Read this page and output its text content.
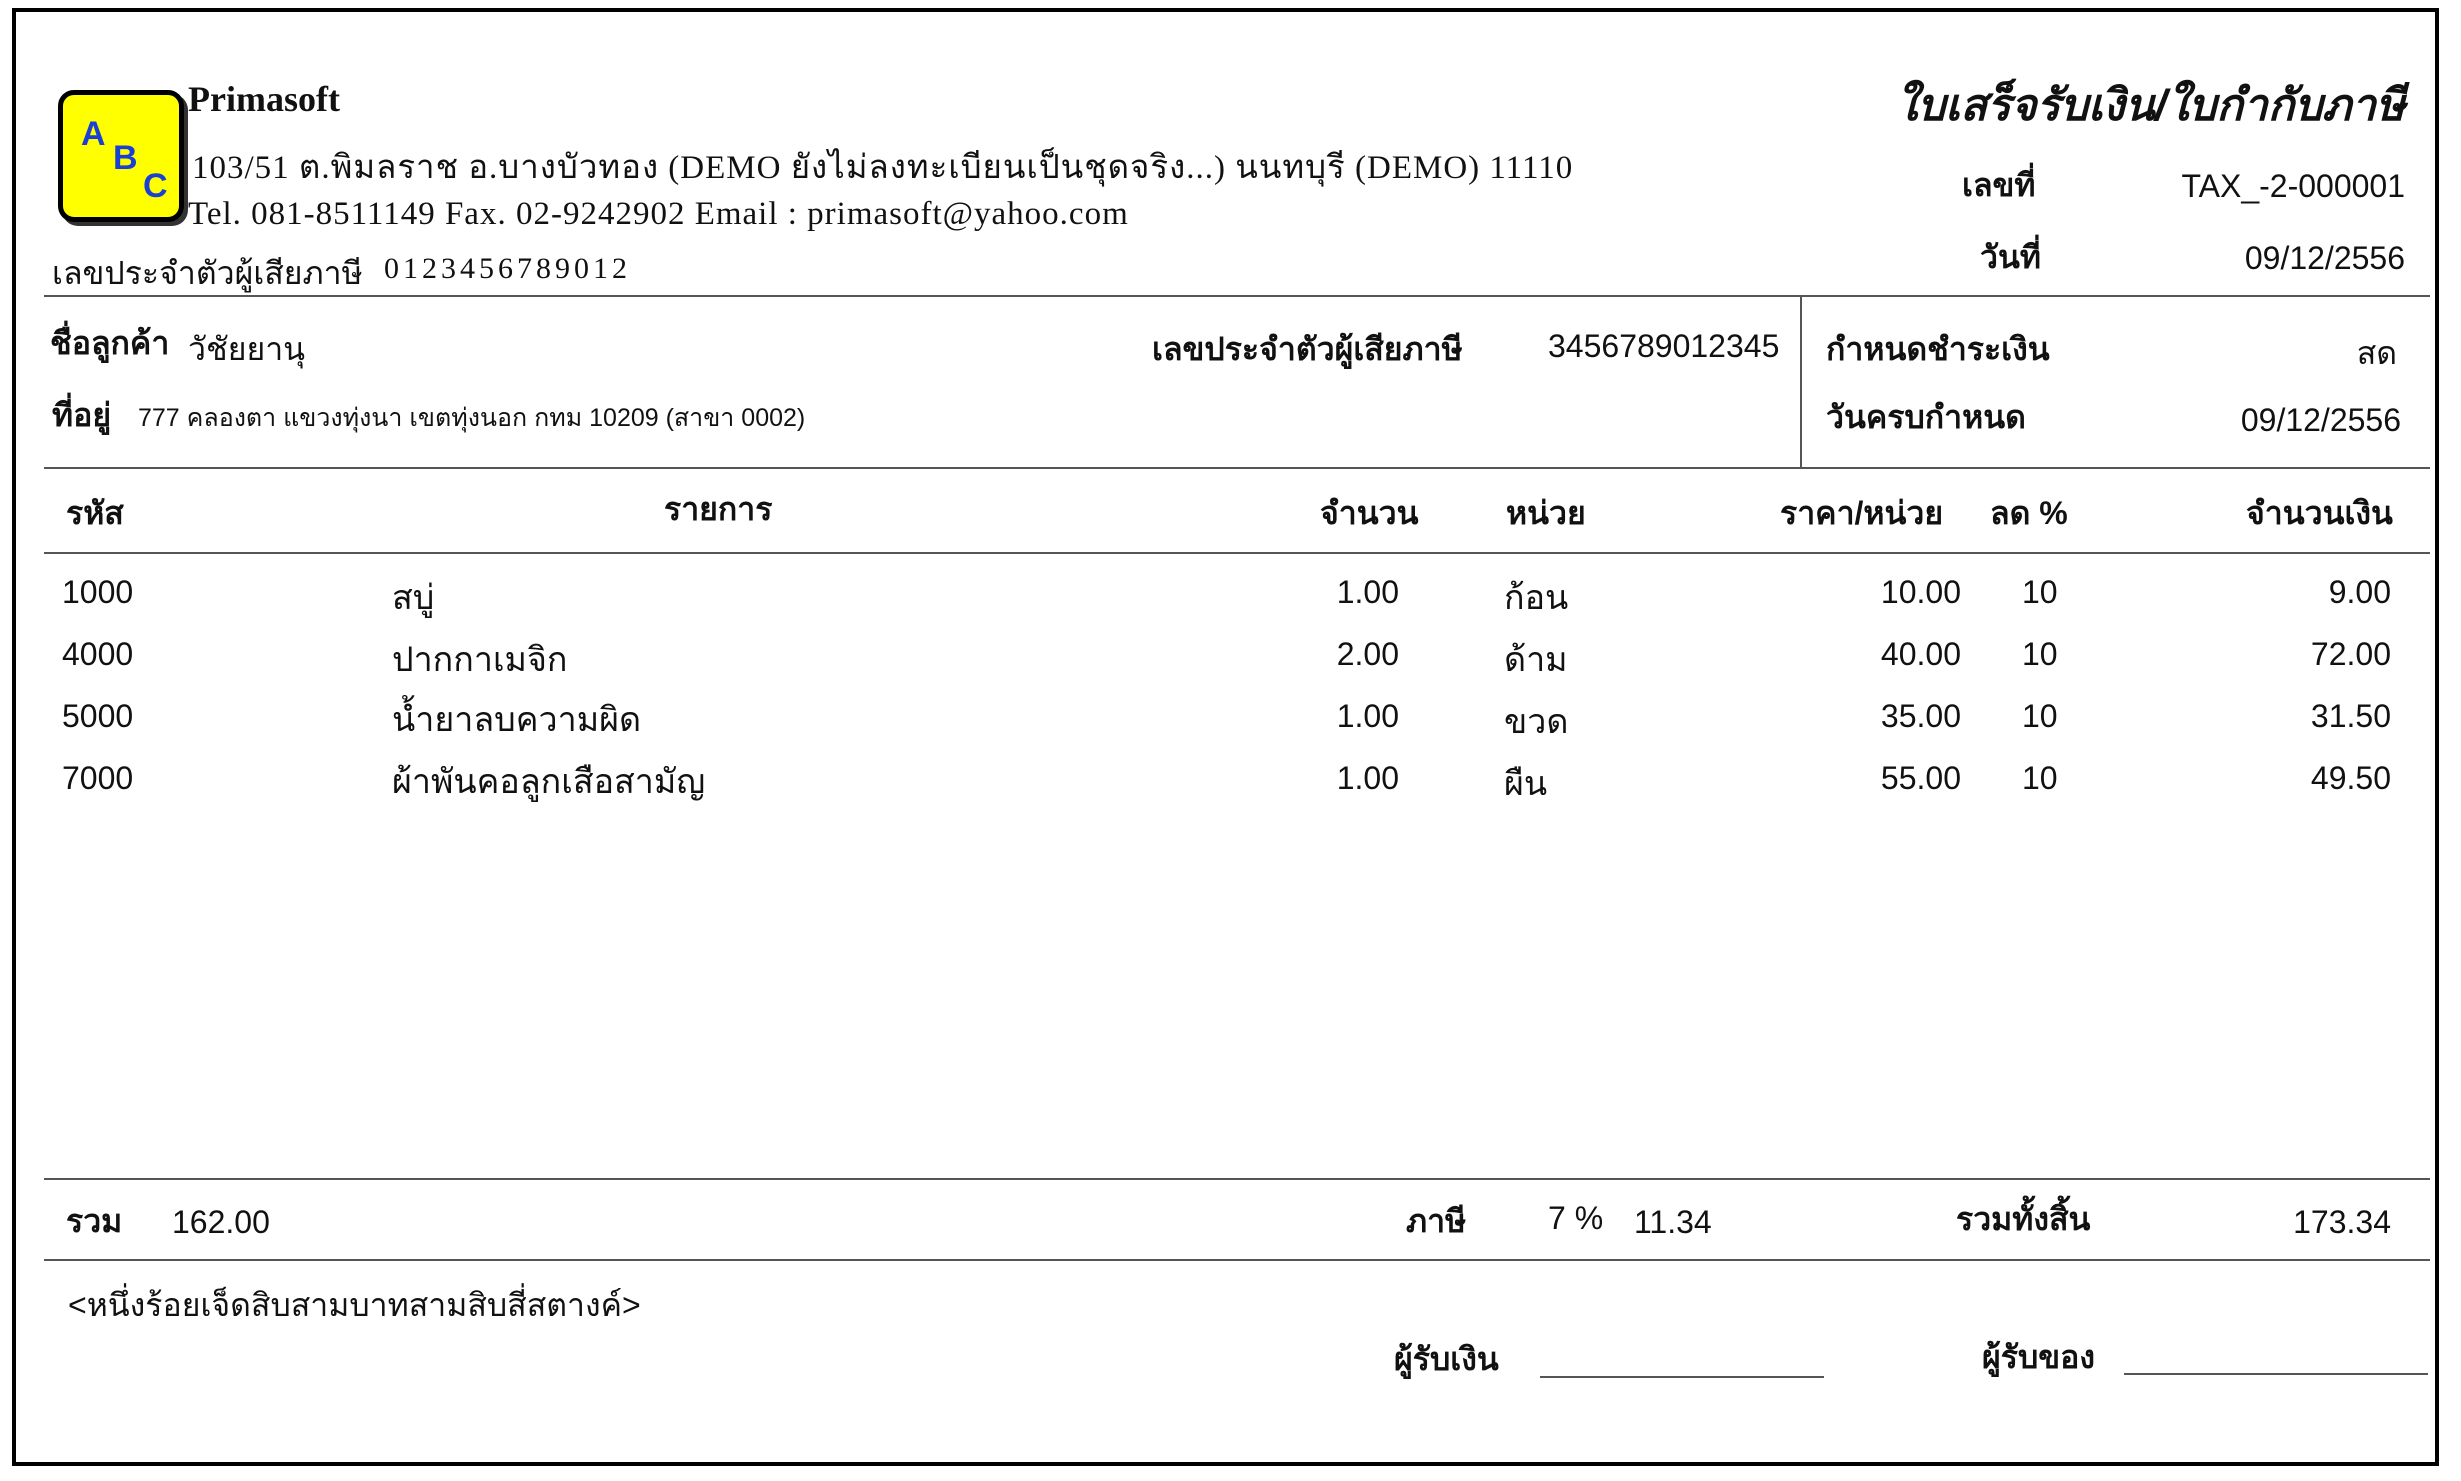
A
B
C
Primasoft
103/51 ต.พิมลราช อ.บางบัวทอง (DEMO ยังไม่ลงทะเบียนเป็นชุดจริง...) นนทบุรี (DEMO) 11110
Tel. 081-8511149 Fax. 02-9242902 Email : primasoft@yahoo.com
เลขประจำตัวผู้เสียภาษี 0123456789012
ใบเสร็จรับเงิน/ใบกำกับภาษี
เลขที่	TAX_-2-000001
วันที่	09/12/2556
ชื่อลูกค้า วัชัยยานุ
ที่อยู่ 777 คลองตา แขวงทุ่งนา เขตทุ่งนอก กทม 10209 (สาขา 0002)
เลขประจำตัวผู้เสียภาษี	3456789012345 กำหนดชำระเงิน	สด
วันครบกำหนด	09/12/2556
รหัส	รายการ	จำนวน	หน่วย	ราคา/หน่วย ลด %	จำนวนเงิน
1000	สบู่	1.00	ก้อน	10.00 10	9.00
4000	ปากกาเมจิก	2.00	ด้าม	40.00 10	72.00
5000	น้ำยาลบความผิด	1.00	ขวด	35.00 10	31.50
7000	ผ้าพันคอลูกเสือสามัญ	1.00	ผืน	55.00 10	49.50
รวม 162.00	ภาษี	7 % 11.34	รวมทั้งสิ้น	173.34
<หนึ่งร้อยเจ็ดสิบสามบาทสามสิบสี่สตางค์>
ผู้รับเงิน	ผู้รับของ
